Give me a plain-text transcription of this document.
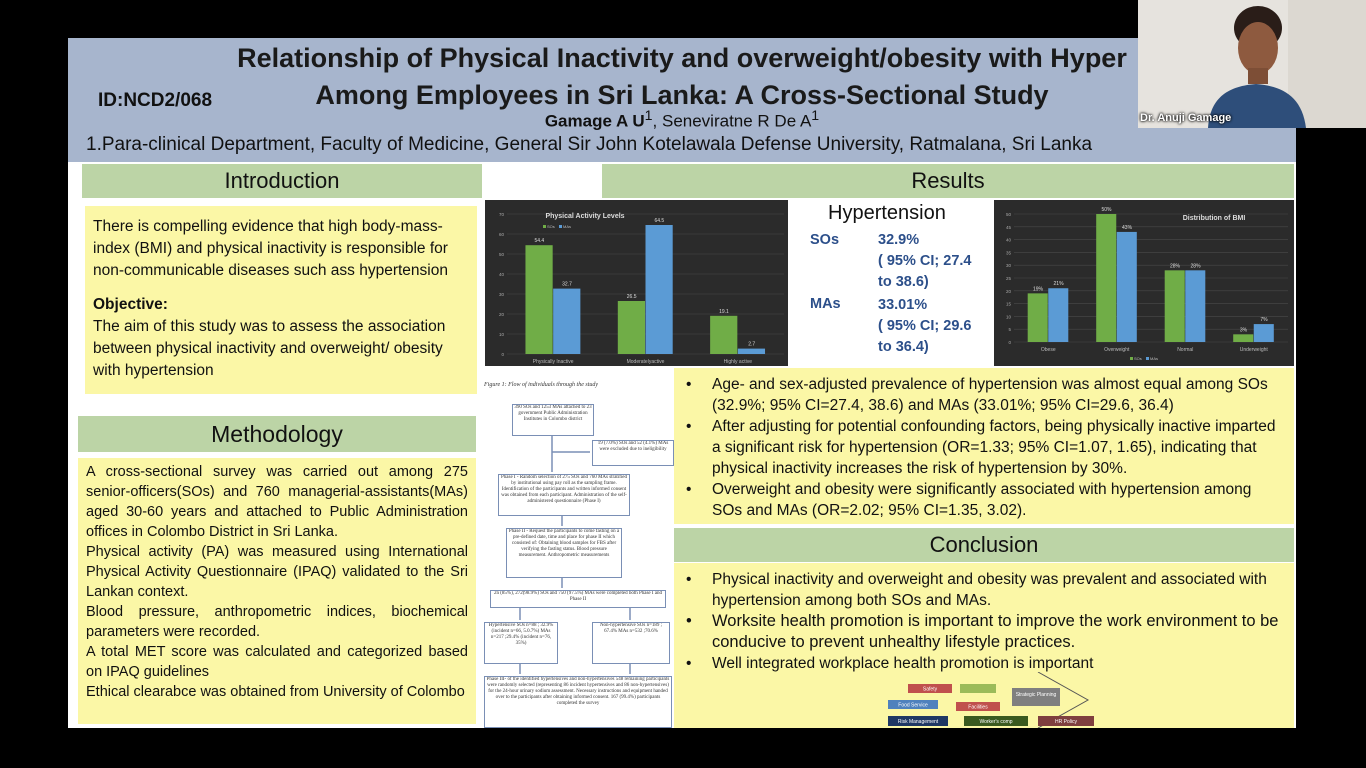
Relationship of Physical Inactivity and overweight/obesity with Hyper
Among Employees in Sri Lanka: A Cross-Sectional Study
ID:NCD2/068
Gamage A $U^1$, Seneviratne R De $A^1$
1.Para-clinical Department, Faculty of Medicine, General Sir John Kotelawala Defense University, Ratmalana, Sri Lanka
Introduction

There is compelling evidence that high body-mass-index (BMI) and physical inactivity is responsible for non-communicable diseases such ass hypertension

Objective:

The aim of this study was to assess the association between physical inactivity and overweight/ obesity with hypertension

Results
0
10
20
30
40
50
60
70	Physical Activity Levels
54.4
32.7
Physically Inactive
26.5
64.5
Moderatelyactive
19.1
2.7
Highly active
SOs MAs
Hypertension
SOs	32.9%
( 95% CI; 27.4
to 38.6)
MAs	33.01%
( 95% CI; 29.6
to 36.4)	0
5
10
15
20
25
30
35
40
45
50
Distribution of BMI
19%
21%
Obese
50%
43%
Overweight
28% 28%
Normal
3%
7%
Underweight
SOs MAs
Methodology

A cross-sectional survey was carried out among 275 senior-officers(SOs) and 760 managerial-assistants(MAs) aged 30-60 years and attached to Public Administration offices in Colombo District in Sri Lanka.

Physical activity (PA) was measured using International Physical Activity Questionnaire (IPAQ) validated to the Sri Lankan context.

Blood pressure, anthropometric indices, biochemical parameters were recorded.

A total MET score was calculated and categorized based on IPAQ guidelines

Ethical clearabce was obtained from University of Colombo

Figure 1: Flow of individuals through the study
390 SOs and 1253 MAs attached to 23 government Public Administration Institutes in Colombo district
19 (7.0%) SOs and 52 (4.1%) MAs were excluded due to ineligibility
Phase I - Random selection of 275 SOs and 760 MAs stratified by institutional using pay roll as the sampling frame. Identification of the participants and written informed consent was obtained from each participant. Administration of the self-administered questionnaire (Phase I)
Phase II - Request the participants to come fasting on a pre-defined date, time and place for phase II which consisted of: Obtaining blood samples for FBS after verifying the fasting status. Blood pressure measurement. Anthropometric measurements
2n (85%), 272(98.9%) SOs and 750 (97.5%) MAs were completed both Phase I and Phase II
Hypertensive SOs n=88 ; 32.9% (incident n=66, 5.0.7%) MAs n=217 ;29.4% (incident n=76, 35%)
Non-hypertensive SOs n=189 ; 67.4% MAs n=532 ;70.6%
Phase III- of the identified hypertensives and non-hypertensives 548 remaining participants were randomly selected (representing 86 incident hypertensives and 86 non-hypertensives) for the 24-hour urinary sodium assessment. Necessary instructions and equipment handed over to the participants after obtaining informed consent. 167 (99.4%) participants completed the survey
• Age- and sex-adjusted prevalence of hypertension was almost equal among SOs (32.9%; 95% CI=27.4, 38.6) and MAs (33.01%; 95% CI=29.6, 36.4)
• After adjusting for potential confounding factors, being physically inactive imparted a significant risk for hypertension (OR=1.33; 95% CI=1.07, 1.65), indicating that physical inactivity increases the risk of hypertension by 30%.
• Overweight and obesity were significantly associated with hypertension among SOs and MAs (OR=2.02; 95% CI=1.35, 3.02).
Conclusion
• Physical inactivity and overweight and obesity was prevalent and associated with hypertension among both SOs and MAs.
• Worksite health promotion is important to improve the work environment to be conducive to prevent unhealthy lifestyle practices.
• Well integrated workplace health promotion is important
Safety
Food Service	Facilities
Strategic Planning
Risk Management	Worker's comp	HR Policy
Dr. Anuji Gamage
